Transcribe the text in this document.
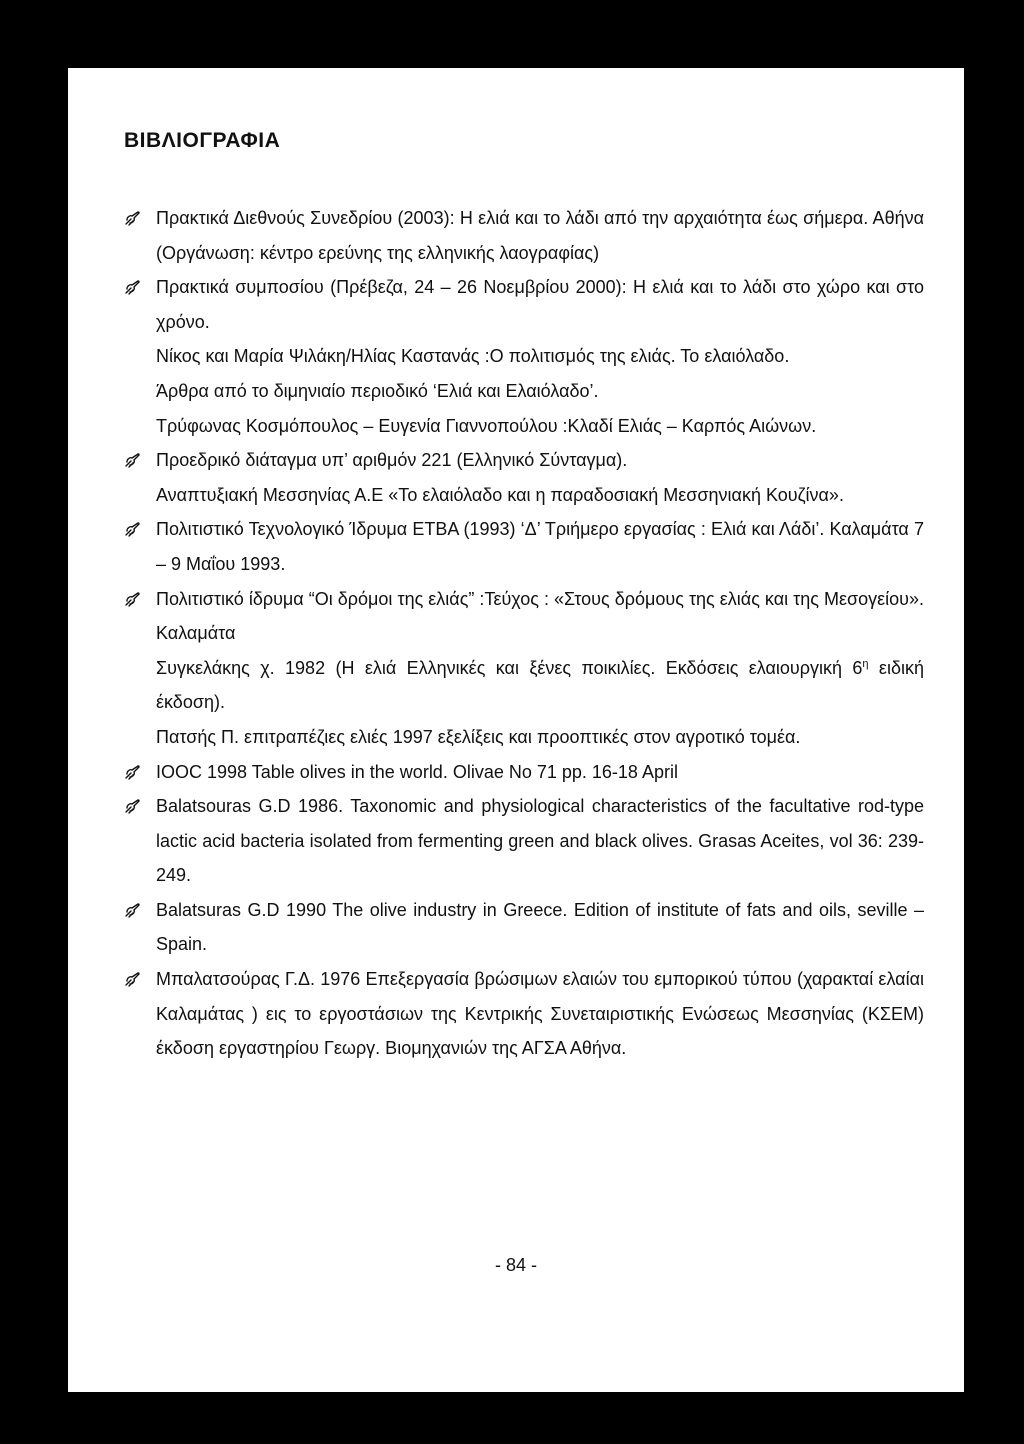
ΒΙΒΛΙΟΓΡΑΦΙΑ
Πρακτικά Διεθνούς Συνεδρίου (2003): Η ελιά και το λάδι από την αρχαιότητα έως σήμερα. Αθήνα (Οργάνωση: κέντρο ερεύνης της ελληνικής λαογραφίας)
Πρακτικά συμποσίου (Πρέβεζα, 24 – 26 Νοεμβρίου 2000): Η ελιά και το λάδι στο χώρο και στο χρόνο.
Νίκος και Μαρία Ψιλάκη/Ηλίας Καστανάς :Ο πολιτισμός της ελιάς. Το ελαιόλαδο.
Άρθρα από το διμηνιαίο περιοδικό ‘Ελιά και Ελαιόλαδο’.
Τρύφωνας Κοσμόπουλος – Ευγενία Γιαννοπούλου :Κλαδί Ελιάς – Καρπός Αιώνων.
Προεδρικό διάταγμα υπ’ αριθμόν 221 (Ελληνικό Σύνταγμα).
Αναπτυξιακή Μεσσηνίας Α.Ε «Το ελαιόλαδο και η παραδοσιακή Μεσσηνιακή Κουζίνα».
Πολιτιστικό Τεχνολογικό Ίδρυμα ΕΤΒΑ (1993) ‘Δ’ Τριήμερο εργασίας : Ελιά και Λάδι’. Καλαμάτα 7 – 9 Μαΐου 1993.
Πολιτιστικό ίδρυμα “Οι δρόμοι της ελιάς” :Τεύχος : «Στους δρόμους της ελιάς και της Μεσογείου». Καλαμάτα
Συγκελάκης χ. 1982 (Η ελιά Ελληνικές και ξένες ποικιλίες. Εκδόσεις ελαιουργική $6^\eta$ ειδική έκδοση).
Πατσής Π. επιτραπέζιες ελιές 1997 εξελίξεις και προοπτικές στον αγροτικό τομέα.
IOOC 1998 Table olives in the world. Olivae No 71 pp. 16-18 April
Balatsouras G.D 1986. Taxonomic and physiological characteristics of the facultative rod-type lactic acid bacteria isolated from fermenting green and black olives. Grasas Aceites, vol 36: 239-249.
Balatsuras G.D 1990 The olive industry in Greece. Edition of institute of fats and oils, seville – Spain.
Μπαλατσούρας Γ.Δ. 1976 Επεξεργασία βρώσιμων ελαιών του εμπορικού τύπου (χαρακταί ελαίαι Καλαμάτας ) εις το εργοστάσιων της Κεντρικής Συνεταιριστικής Ενώσεως Μεσσηνίας (ΚΣΕΜ) έκδοση εργαστηρίου Γεωργ. Βιομηχανιών της ΑΓΣΑ Αθήνα.
- 84 -
